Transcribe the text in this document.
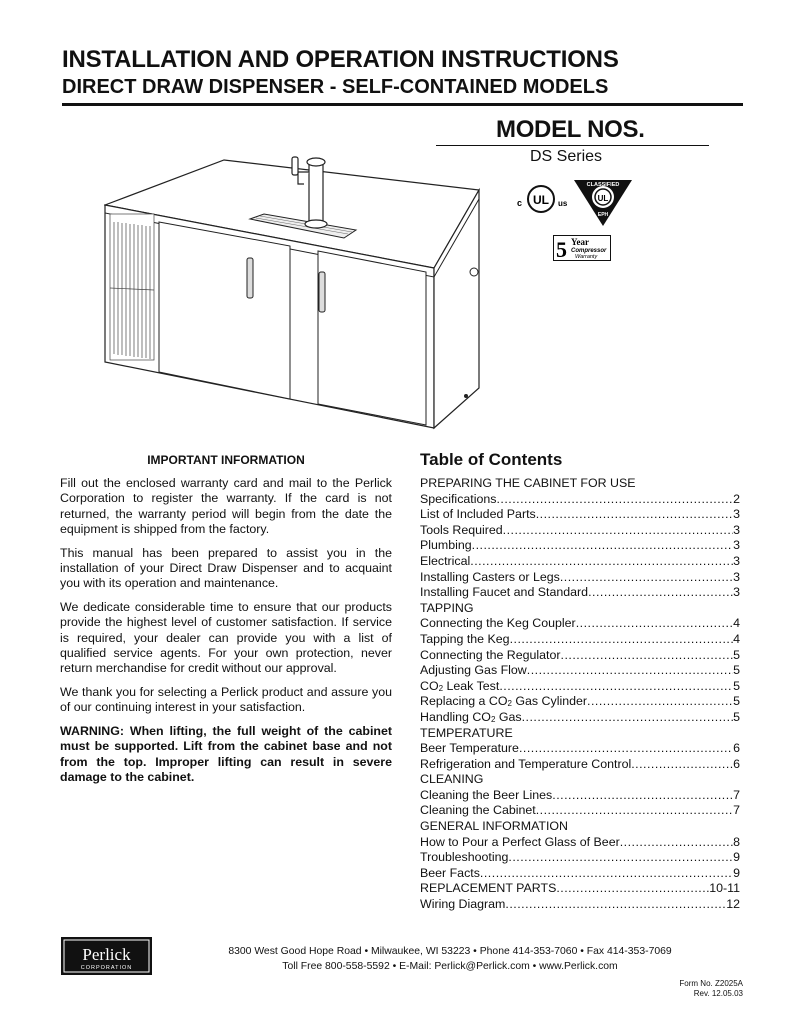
INSTALLATION AND OPERATION INSTRUCTIONS
DIRECT DRAW DISPENSER - SELF-CONTAINED MODELS
MODEL NOS.
DS Series
c UL us
UL
CLASSIFIED
EPH
5 Year
Compressor
Warranty
IMPORTANT INFORMATION

Fill out the enclosed warranty card and mail to the Perlick Corporation to register the warranty. If the card is not returned, the warranty period will begin from the date the equipment is shipped from the factory.

This manual has been prepared to assist you in the installation of your Direct Draw Dispenser and to acquaint you with its operation and maintenance.

We dedicate considerable time to ensure that our products provide the highest level of customer satisfaction. If service is required, your dealer can provide you with a list of qualified service agents. For your own protection, never return merchandise for credit without our approval.

We thank you for selecting a Perlick product and assure you of our continuing interest in your satisfaction.

WARNING: When lifting, the full weight of the cabinet must be supported. Lift from the cabinet base and not from the top. Improper lifting can result in severe damage to the cabinet.

Table of Contents
PREPARING THE CABINET FOR USE
Specifications .....	2
List of Included Parts .....	3
Tools Required .....	3
Plumbing .....	3
Electrical .....	3
Installing Casters or Legs .....	3
Installing Faucet and Standard .....	3
TAPPING
Connecting the Keg Coupler .....	4
Tapping the Keg .....	4
Connecting the Regulator .....	5
Adjusting Gas Flow .....	5
$CO_2$ Leak Test .....	5
Replacing a $CO_2$ Gas Cylinder .....	5
Handling $CO_2$ Gas .....	5
TEMPERATURE
Beer Temperature .....	6
Refrigeration and Temperature Control .....	6
CLEANING
Cleaning the Beer Lines .....	7
Cleaning the Cabinet .....	7
GENERAL INFORMATION
How to Pour a Perfect Glass of Beer .....	8
Troubleshooting .....	9
Beer Facts .....	9
REPLACEMENT PARTS .....	10-11
Wiring Diagram .....	12
Perlick
CORPORATION
8300 West Good Hope Road • Milwaukee, WI 53223 • Phone 414-353-7060 • Fax 414-353-7069
Toll Free 800-558-5592 • E-Mail: Perlick@Perlick.com • www.Perlick.com
Form No. Z2025A
Rev. 12.05.03
